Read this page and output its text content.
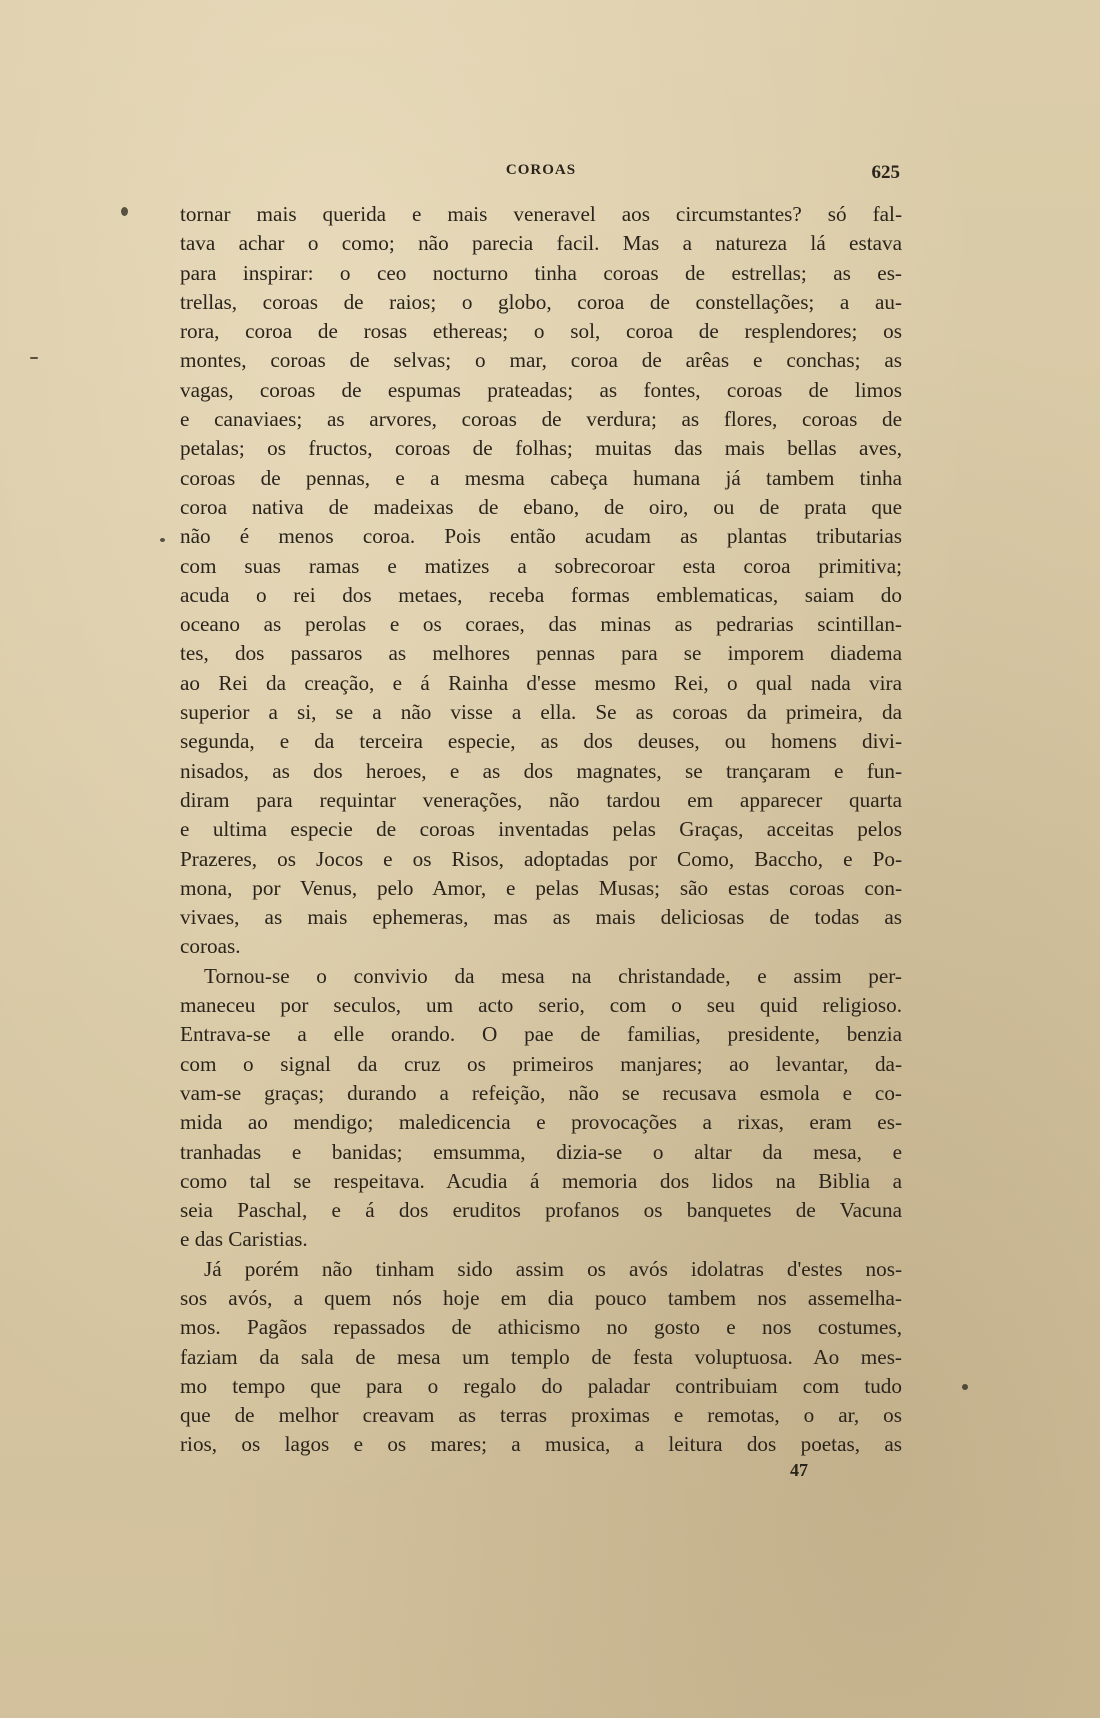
COROAS	625
tornar mais querida e mais veneravel aos circumstantes? só fal-
tava achar o como; não parecia facil. Mas a natureza lá estava
para inspirar: o ceo nocturno tinha coroas de estrellas; as es-
trellas, coroas de raios; o globo, coroa de constellações; a au-
rora, coroa de rosas ethereas; o sol, coroa de resplendores; os
montes, coroas de selvas; o mar, coroa de arêas e conchas; as
vagas, coroas de espumas prateadas; as fontes, coroas de limos
e canaviaes; as arvores, coroas de verdura; as flores, coroas de
petalas; os fructos, coroas de folhas; muitas das mais bellas aves,
coroas de pennas, e a mesma cabeça humana já tambem tinha
coroa nativa de madeixas de ebano, de oiro, ou de prata que
não é menos coroa. Pois então acudam as plantas tributarias
com suas ramas e matizes a sobrecoroar esta coroa primitiva;
acuda o rei dos metaes, receba formas emblematicas, saiam do
oceano as perolas e os coraes, das minas as pedrarias scintillan-
tes, dos passaros as melhores pennas para se imporem diadema
ao Rei da creação, e á Rainha d'esse mesmo Rei, o qual nada vira
superior a si, se a não visse a ella. Se as coroas da primeira, da
segunda, e da terceira especie, as dos deuses, ou homens divi-
nisados, as dos heroes, e as dos magnates, se trançaram e fun-
diram para requintar venerações, não tardou em apparecer quarta
e ultima especie de coroas inventadas pelas Graças, acceitas pelos
Prazeres, os Jocos e os Risos, adoptadas por Como, Baccho, e Po-
mona, por Venus, pelo Amor, e pelas Musas; são estas coroas con-
vivaes, as mais ephemeras, mas as mais deliciosas de todas as
coroas.
Tornou-se o convivio da mesa na christandade, e assim per-
maneceu por seculos, um acto serio, com o seu quid religioso.
Entrava-se a elle orando. O pae de familias, presidente, benzia
com o signal da cruz os primeiros manjares; ao levantar, da-
vam-se graças; durando a refeição, não se recusava esmola e co-
mida ao mendigo; maledicencia e provocações a rixas, eram es-
tranhadas e banidas; emsumma, dizia-se o altar da mesa, e
como tal se respeitava. Acudia á memoria dos lidos na Biblia a
seia Paschal, e á dos eruditos profanos os banquetes de Vacuna
e das Caristias.
Já porém não tinham sido assim os avós idolatras d'estes nos-
sos avós, a quem nós hoje em dia pouco tambem nos assemelha-
mos. Pagãos repassados de athicismo no gosto e nos costumes,
faziam da sala de mesa um templo de festa voluptuosa. Ao mes-
mo tempo que para o regalo do paladar contribuiam com tudo
que de melhor creavam as terras proximas e remotas, o ar, os
rios, os lagos e os mares; a musica, a leitura dos poetas, as
47
